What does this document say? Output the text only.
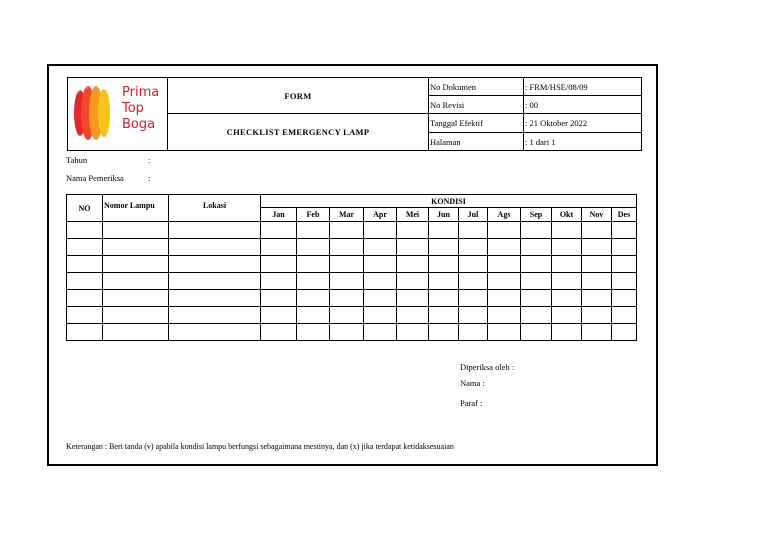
Prima
Top
Boga	FORM	No Dokumen	: FRM/HSE/08/09
		No Revisi	: 00
	CHECKLIST EMERGENCY LAMP	Tanggal Efektif	: 21 Oktober 2022
		Halaman	: 1 dari 1
Tahun	:
Nama Pemeriksa	:
NO	Nomor Lampu	Lokasi	KONDISI											
			Jan	Feb	Mar	Apr	Mei	Jun	Jul	Ags	Sep	Okt	Nov	Des

Diperiksa oleh :
Nama :
Paraf :
Keterangan : Beri tanda (v) apabila kondisi lampu berfungsi sebagaimana mestinya, dan (x) jika terdapat ketidaksesuaian
